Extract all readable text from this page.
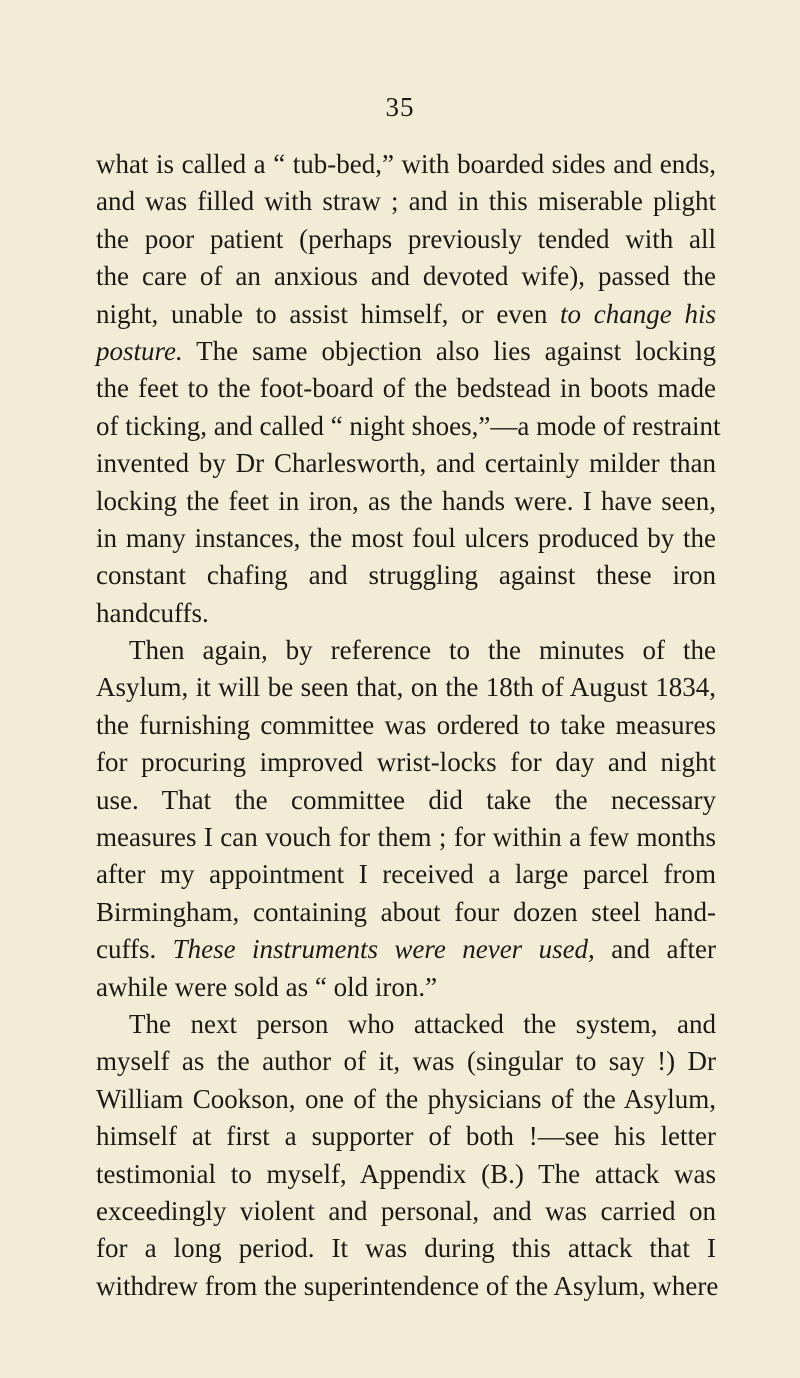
35
what is called a “ tub-bed,” with boarded sides and ends,
and was filled with straw ; and in this miserable plight
the poor patient (perhaps previously tended with all
the care of an anxious and devoted wife), passed the
night, unable to assist himself, or even to change his
posture. The same objection also lies against locking
the feet to the foot-board of the bedstead in boots made
of ticking, and called “ night shoes,”—a mode of restraint
invented by Dr Charlesworth, and certainly milder than
locking the feet in iron, as the hands were. I have seen,
in many instances, the most foul ulcers produced by the
constant chafing and struggling against these iron
handcuffs.
Then again, by reference to the minutes of the
Asylum, it will be seen that, on the 18th of August 1834,
the furnishing committee was ordered to take measures
for procuring improved wrist-locks for day and night
use. That the committee did take the necessary
measures I can vouch for them ; for within a few months
after my appointment I received a large parcel from
Birmingham, containing about four dozen steel hand-
cuffs. These instruments were never used, and after
awhile were sold as “ old iron.”
The next person who attacked the system, and
myself as the author of it, was (singular to say !) Dr
William Cookson, one of the physicians of the Asylum,
himself at first a supporter of both !—see his letter
testimonial to myself, Appendix (B.) The attack was
exceedingly violent and personal, and was carried on
for a long period. It was during this attack that I
withdrew from the superintendence of the Asylum, where
